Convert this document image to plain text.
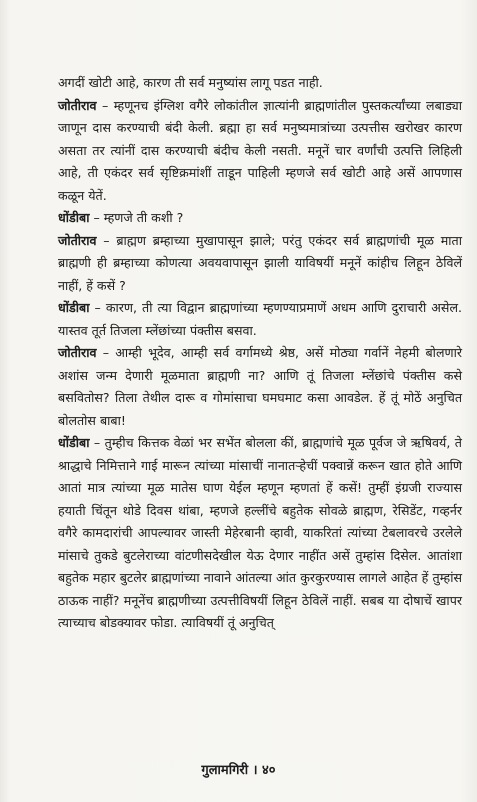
अगदीं खोटी आहे, कारण ती सर्व मनुष्यांस लागू पडत नाही.

जोतीराव – म्हणूनच इंग्लिश वगैरे लोकांतील ज्ञात्यांनी ब्राह्मणांतील पुस्तकर्त्यांच्या लबाड्या जाणून दास करण्याची बंदी केली. ब्रह्मा हा सर्व मनुष्यमात्रांच्या उत्पत्तीस खरोखर कारण असता तर त्यांनीं दास करण्याची बंदीच केली नसती. मनूनें चार वर्णांची उत्पत्ति लिहिली आहे, ती एकंदर सर्व सृष्टिक्रमांशीं ताडून पाहिली म्हणजे सर्व खोटी आहे असें आपणास कळून येतें.

धोंडीबा – म्हणजे ती कशी ?

जोतीराव – ब्राह्मण ब्रम्हाच्या मुखापासून झाले; परंतु एकंदर सर्व ब्राह्मणांची मूळ माता ब्राह्मणी ही ब्रम्हाच्या कोणत्या अवयवापासून झाली याविषयीं मनूनें कांहीच लिहून ठेविलें नाहीं, हें कसें ?

धोंडीबा – कारण, ती त्या विद्वान ब्राह्मणांच्या म्हणण्याप्रमाणें अधम आणि दुराचारी असेल. यास्तव तूर्त तिजला म्लेंछांच्या पंक्तीस बसवा.

जोतीराव – आम्ही भूदेव, आम्ही सर्व वर्गामध्ये श्रेष्ठ, असें मोठ्या गर्वानें नेहमी बोलणारे अशांस जन्म देणारी मूळमाता ब्राह्मणी ना? आणि तूं तिजला म्लेंछांचे पंक्तीस कसे बसवितोस? तिला तेथील दारू व गोमांसाचा घमघमाट कसा आवडेल. हें तूं मोठें अनुचित बोलतोस बाबा!

धोंडीबा – तुम्हीच कित्तक वेळां भर सभेंत बोलला कीं, ब्राह्मणांचे मूळ पूर्वज जे ऋषिवर्य, ते श्राद्धाचे निमित्ताने गाई मारून त्यांच्या मांसाचीं नानातऱ्हेचीं पक्वान्नें करून खात होते आणि आतां मात्र त्यांच्या मूळ मातेस घाण येईल म्हणून म्हणतां हें कसें! तुम्हीं इंग्रजी राज्यास हयाती चिंतून थोडे दिवस थांबा, म्हणजे हल्लींचे बहुतेक सोवळे ब्राह्मण, रेसिडेंट, गव्हर्नर वगैरे कामदारांची आपल्यावर जास्ती मेहेरबानी व्हावी, याकरितां त्यांच्या टेबलावरचे उरलेले मांसाचे तुकडे बुटलेराच्या वांटणीसदेखील येऊ देणार नाहींत असें तुम्हांस दिसेल. आतांशा बहुतेक महार बुटलेर ब्राह्मणांच्या नावाने आंतल्या आंत कुरकुरण्यास लागले आहेत हें तुम्हांस ठाऊक नाहीं? मनूनेंच ब्राह्मणीच्या उत्पत्तीविषयीं लिहून ठेविलें नाहीं. सबब या दोषाचें खापर त्याच्याच बोडक्यावर फोडा. त्याविषयीं तूं अनुचित्

गुलामगिरी । ४०
